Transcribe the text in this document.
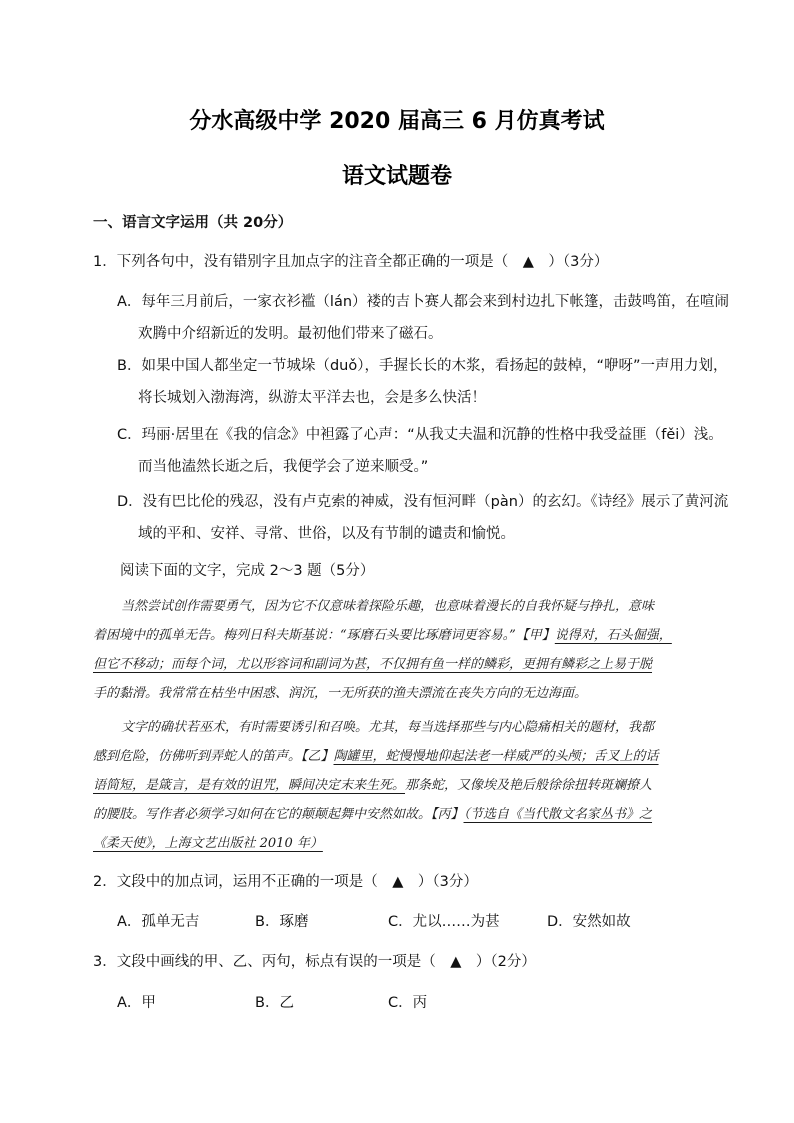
分水高级中学 2020 届高三 6 月仿真考试
语文试题卷
一、语言文字运用（共 20分）
1．下列各句中，没有错别字且加点字的注音全都正确的一项是（　▲　）（3分）
A．每年三月前后，一家衣衫褴（lán）褛的吉卜赛人都会来到村边扎下帐篷，击鼓鸣笛，在喧闹
欢腾中介绍新近的发明。最初他们带来了磁石。
B．如果中国人都坐定一节城垛（duǒ），手握长长的木浆，看扬起的鼓棹，“咿呀”一声用力划，
将长城划入渤海湾，纵游太平洋去也，会是多么快活！
C．玛丽·居里在《我的信念》中袒露了心声：“从我丈夫温和沉静的性格中我受益匪（fěi）浅。
而当他溘然长逝之后，我便学会了逆来顺受。”
D．没有巴比伦的残忍，没有卢克索的神威，没有恒河畔（pàn）的玄幻。《诗经》展示了黄河流
域的平和、安祥、寻常、世俗，以及有节制的谴责和愉悦。
阅读下面的文字，完成 2～3 题（5分）
当然尝试创作需要勇气，因为它不仅意味着探险乐趣，也意味着漫长的自我怀疑与挣扎，意味
着困境中的孤单无告。梅列日科夫斯基说：“琢磨石头要比琢磨词更容易。”【甲】说得对，石头倔强，
但它不移动；而每个词，尤以形容词和副词为甚，不仅拥有鱼一样的鳞彩，更拥有鳞彩之上易于脱
手的黏滑。我常常在枯坐中困惑、润沉，一无所获的渔夫漂流在丧失方向的无边海面。
文字的确状若巫术，有时需要诱引和召唤。尤其，每当选择那些与内心隐痛相关的题材，我都
感到危险，仿佛听到弄蛇人的笛声。【乙】陶罐里，蛇慢慢地仰起法老一样威严的头颅；舌叉上的话
语简短，是箴言，是有效的诅咒，瞬间决定末来生死。那条蛇，又像埃及艳后般徐徐扭转斑斓撩人
的腰肢。写作者必须学习如何在它的颠颠起舞中安然如故。【丙】（节选自《当代散文名家丛书》之
《柔天使》，上海文艺出版社 2010 年）
2．文段中的加点词，运用不正确的一项是（　▲　）（3分）
A．孤单无吉	B．琢磨	C．尤以……为甚	D．安然如故
3．文段中画线的甲、乙、丙句，标点有误的一项是（　▲　）（2分）
A．甲	B．乙	C．丙
